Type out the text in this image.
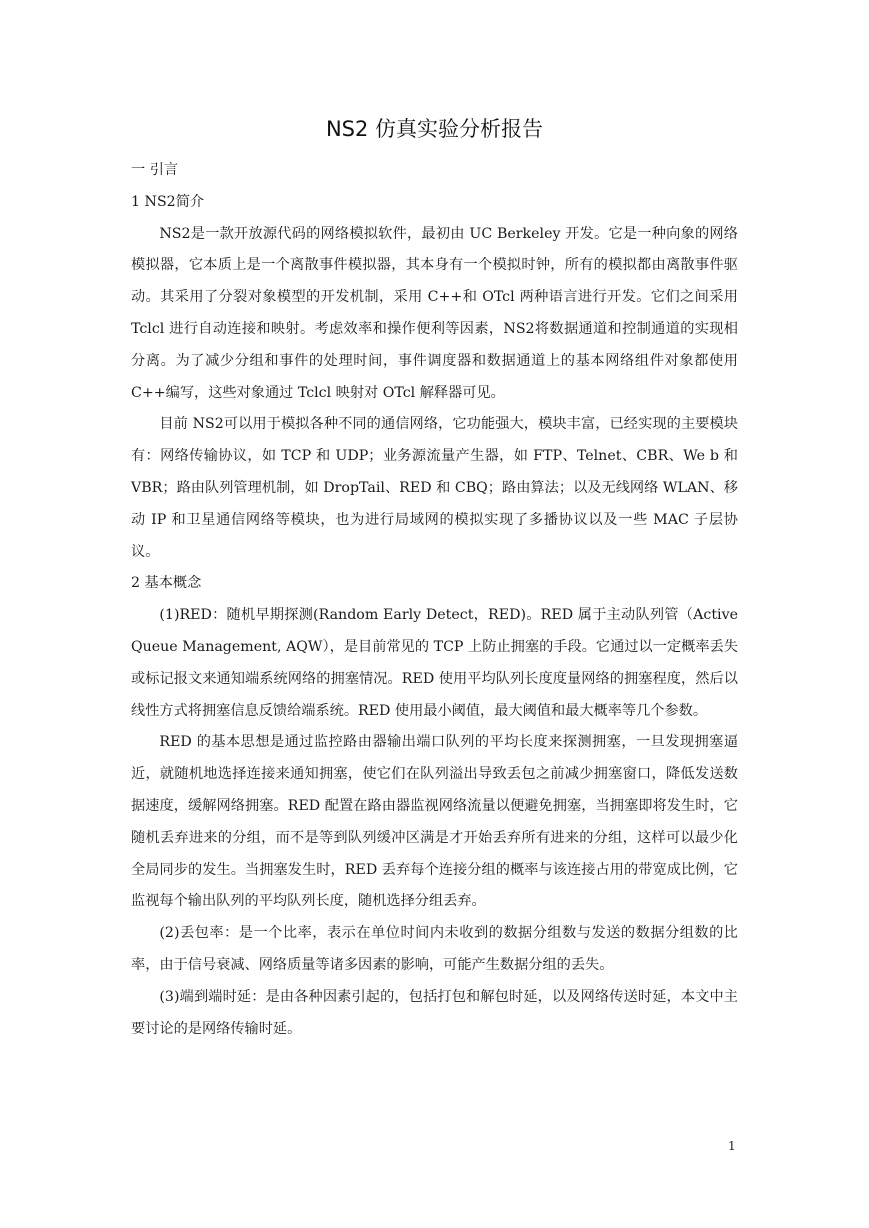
NS2 仿真实验分析报告

一 引言

1 NS2简介

NS2是一款开放源代码的网络模拟软件，最初由 UC Berkeley 开发。它是一种向象的网络模拟器，它本质上是一个离散事件模拟器，其本身有一个模拟时钟，所有的模拟都由离散事件驱动。其采用了分裂对象模型的开发机制，采用 C++和 OTcl 两种语言进行开发。它们之间采用 Tclcl 进行自动连接和映射。考虑效率和操作便利等因素，NS2将数据通道和控制通道的实现相分离。为了减少分组和事件的处理时间，事件调度器和数据通道上的基本网络组件对象都使用 C++编写，这些对象通过 Tclcl 映射对 OTcl 解释器可见。

目前 NS2可以用于模拟各种不同的通信网络，它功能强大，模块丰富，已经实现的主要模块有：网络传输协议，如 TCP 和 UDP；业务源流量产生器，如 FTP、Telnet、CBR、We b 和 VBR；路由队列管理机制，如 DropTail、RED 和 CBQ；路由算法；以及无线网络 WLAN、移动 IP 和卫星通信网络等模块，也为进行局域网的模拟实现了多播协议以及一些 MAC 子层协议。

2 基本概念

(1)RED：随机早期探测(Random Early Detect，RED)。RED 属于主动队列管（Active Queue Management, AQW），是目前常见的 TCP 上防止拥塞的手段。它通过以一定概率丢失或标记报文来通知端系统网络的拥塞情况。RED 使用平均队列长度度量网络的拥塞程度，然后以线性方式将拥塞信息反馈给端系统。RED 使用最小阈值，最大阈值和最大概率等几个参数。

RED 的基本思想是通过监控路由器输出端口队列的平均长度来探测拥塞，一旦发现拥塞逼近，就随机地选择连接来通知拥塞，使它们在队列溢出导致丢包之前减少拥塞窗口，降低发送数据速度，缓解网络拥塞。RED 配置在路由器监视网络流量以便避免拥塞，当拥塞即将发生时，它随机丢弃进来的分组，而不是等到队列缓冲区满是才开始丢弃所有进来的分组，这样可以最少化全局同步的发生。当拥塞发生时，RED 丢弃每个连接分组的概率与该连接占用的带宽成比例，它监视每个输出队列的平均队列长度，随机选择分组丢弃。

(2)丢包率：是一个比率，表示在单位时间内未收到的数据分组数与发送的数据分组数的比率，由于信号衰减、网络质量等诸多因素的影响，可能产生数据分组的丢失。

(3)端到端时延：是由各种因素引起的，包括打包和解包时延，以及网络传送时延，本文中主要讨论的是网络传输时延。

1
